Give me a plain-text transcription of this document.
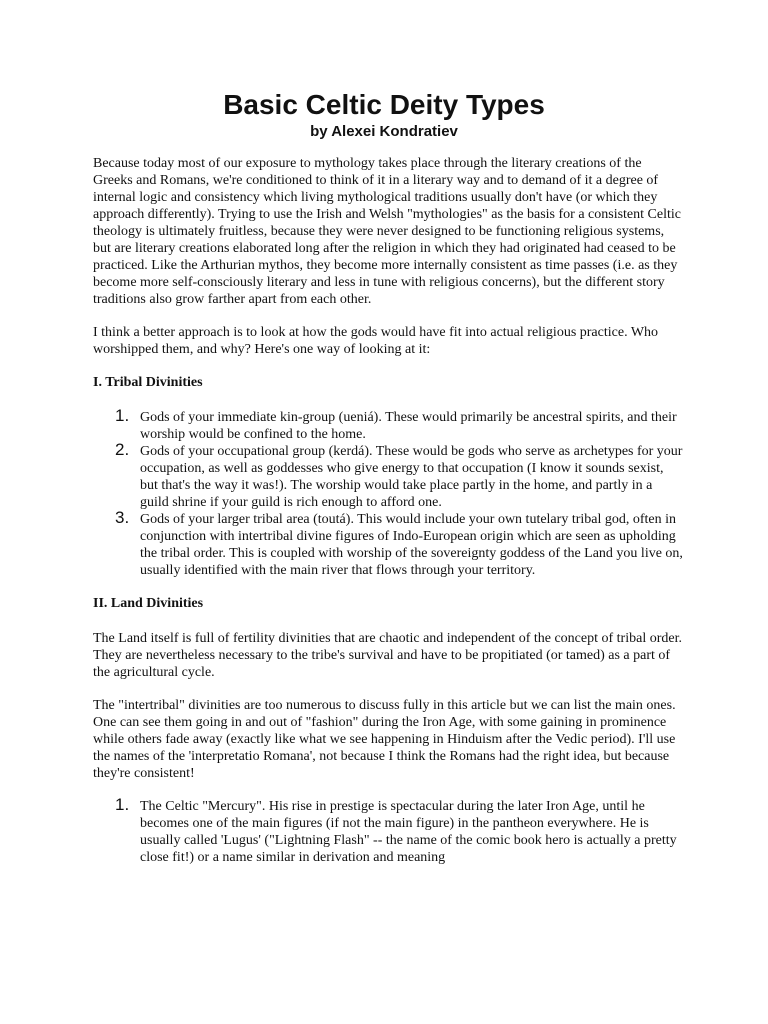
Basic Celtic Deity Types
by Alexei Kondratiev

Because today most of our exposure to mythology takes place through the literary creations of the Greeks and Romans, we're conditioned to think of it in a literary way and to demand of it a degree of internal logic and consistency which living mythological traditions usually don't have (or which they approach differently). Trying to use the Irish and Welsh "mythologies" as the basis for a consistent Celtic theology is ultimately fruitless, because they were never designed to be functioning religious systems, but are literary creations elaborated long after the religion in which they had originated had ceased to be practiced. Like the Arthurian mythos, they become more internally consistent as time passes (i.e. as they become more self-consciously literary and less in tune with religious concerns), but the different story traditions also grow farther apart from each other.

I think a better approach is to look at how the gods would have fit into actual religious practice. Who worshipped them, and why? Here's one way of looking at it:

I. Tribal Divinities
1. Gods of your immediate kin-group (ueniá). These would primarily be ancestral spirits, and their worship would be confined to the home.
2. Gods of your occupational group (kerdá). These would be gods who serve as archetypes for your occupation, as well as goddesses who give energy to that occupation (I know it sounds sexist, but that's the way it was!). The worship would take place partly in the home, and partly in a guild shrine if your guild is rich enough to afford one.
3. Gods of your larger tribal area (toutá). This would include your own tutelary tribal god, often in conjunction with intertribal divine figures of Indo-European origin which are seen as upholding the tribal order. This is coupled with worship of the sovereignty goddess of the Land you live on, usually identified with the main river that flows through your territory.
II. Land Divinities

The Land itself is full of fertility divinities that are chaotic and independent of the concept of tribal order. They are nevertheless necessary to the tribe's survival and have to be propitiated (or tamed) as a part of the agricultural cycle.

The "intertribal" divinities are too numerous to discuss fully in this article but we can list the main ones. One can see them going in and out of "fashion" during the Iron Age, with some gaining in prominence while others fade away (exactly like what we see happening in Hinduism after the Vedic period). I'll use the names of the 'interpretatio Romana', not because I think the Romans had the right idea, but because they're consistent!

1. The Celtic "Mercury". His rise in prestige is spectacular during the later Iron Age, until he becomes one of the main figures (if not the main figure) in the pantheon everywhere. He is usually called 'Lugus' ("Lightning Flash" -- the name of the comic book hero is actually a pretty close fit!) or a name similar in derivation and meaning
